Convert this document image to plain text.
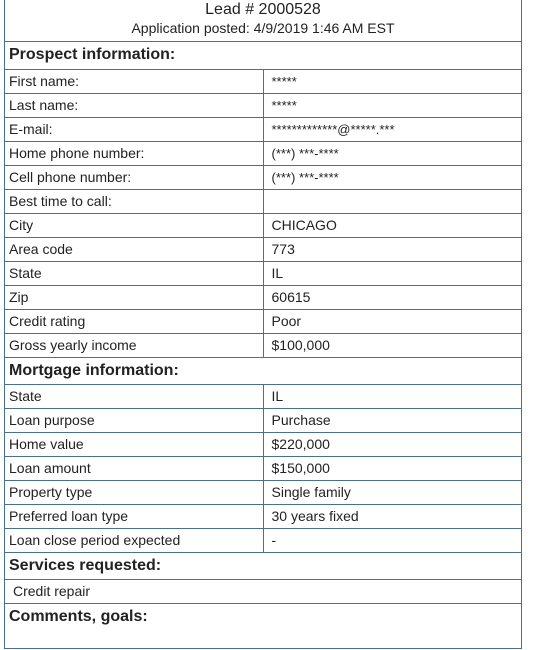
Lead # 2000528
Application posted: 4/9/2019 1:46 AM EST
Prospect information:	
First name:	*****
Last name:	*****
E-mail:	*************@*****.***
Home phone number:	(***) ***-****
Cell phone number:	(***) ***-****
Best time to call:	
City	CHICAGO
Area code	773
State	IL
Zip	60615
Credit rating	Poor
Gross yearly income	$100,000
Mortgage information:	
State	IL
Loan purpose	Purchase
Home value	$220,000
Loan amount	$150,000
Property type	Single family
Preferred loan type	30 years fixed
Loan close period expected	-
Services requested:	
Credit repair	
Comments, goals:	
